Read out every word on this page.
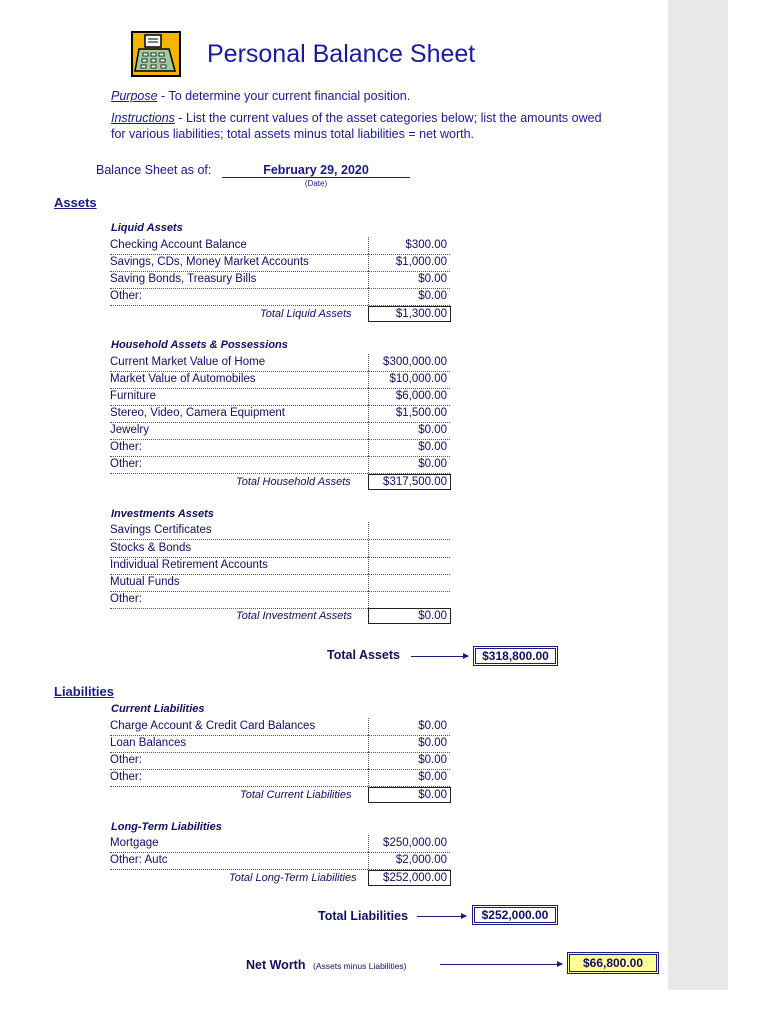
Personal Balance Sheet
Purpose - To determine your current financial position.
Instructions - List the current values of the asset categories below; list the amounts owed
for various liabilities; total assets minus total liabilities = net worth.
Balance Sheet as of:	February 29, 2020
(Date)
Assets
Liquid Assets
Checking Account Balance	$300.00
Savings, CDs, Money Market Accounts	$1,000.00
Saving Bonds, Treasury Bills	$0.00
Other:	$0.00
Total Liquid Assets	$1,300.00
Household Assets & Possessions
Current Market Value of Home	$300,000.00
Market Value of Automobiles	$10,000.00
Furniture	$6,000.00
Stereo, Video, Camera Equipment	$1,500.00
Jewelry	$0.00
Other:	$0.00
Other:	$0.00
Total Household Assets	$317,500.00
Investments Assets
Savings Certificates
Stocks & Bonds
Individual Retirement Accounts
Mutual Funds
Other:
Total Investment Assets	$0.00
Total Assets	$318,800.00
Liabilities
Current Liabilities
Charge Account & Credit Card Balances	$0.00
Loan Balances	$0.00
Other:	$0.00
Other:	$0.00
Total Current Liabilities	$0.00
Long-Term Liabilities
Mortgage	$250,000.00
Other: Autc	$2,000.00
Total Long-Term Liabilities	$252,000.00
Total Liabilities	$252,000.00
Net Worth (Assets minus Liabilities)	$66,800.00
